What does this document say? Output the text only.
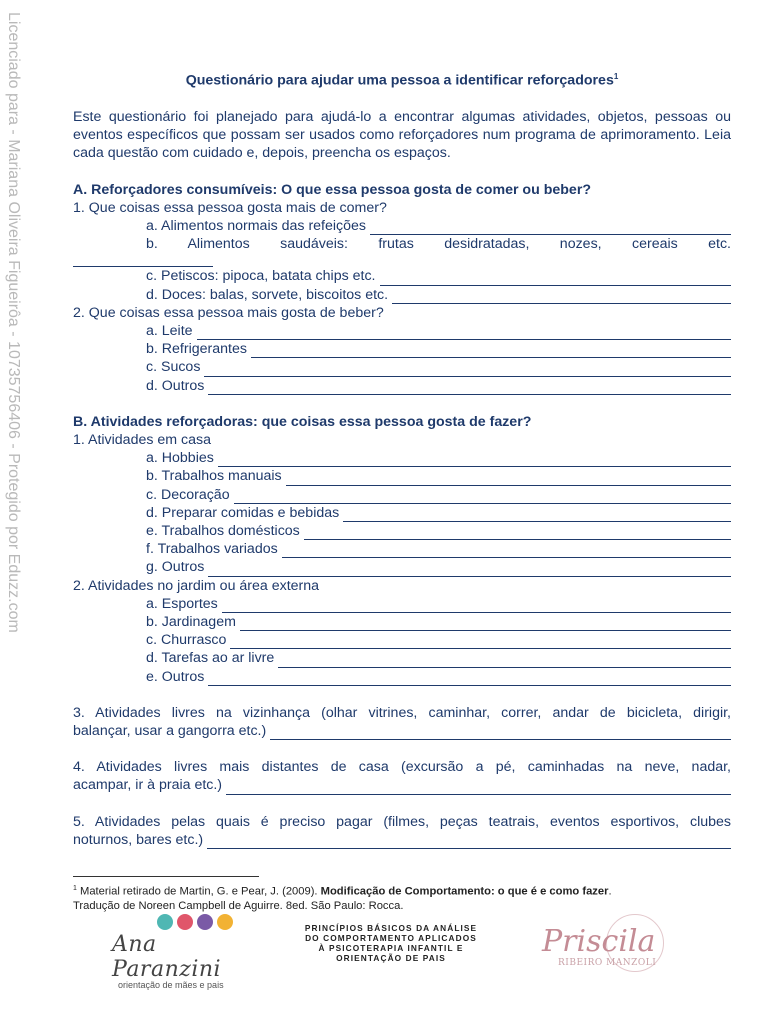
Licenciado para - Mariana Oliveira Figueirôa - 10735756406 - Protegido por Eduzz.com	Questionário para ajudar uma pessoa a identificar reforçadores$^1$

Este questionário foi planejado para ajudá-lo a encontrar algumas atividades, objetos, pessoas ou eventos específicos que possam ser usados como reforçadores num programa de aprimoramento. Leia cada questão com cuidado e, depois, preencha os espaços.

A. Reforçadores consumíveis: O que essa pessoa gosta de comer ou beber?

1. Que coisas essa pessoa gosta mais de comer?

a. Alimentos normais das refeições

b. Alimentos saudáveis: frutas desidratadas, nozes, cereais etc.

c. Petiscos: pipoca, batata chips etc.
d. Doces: balas, sorvete, biscoitos etc.

2. Que coisas essa pessoa mais gosta de beber?

a. Leite
b. Refrigerantes
c. Sucos
d. Outros

B. Atividades reforçadoras: que coisas essa pessoa gosta de fazer?

1. Atividades em casa

a. Hobbies
b. Trabalhos manuais
c. Decoração
d. Preparar comidas e bebidas
e. Trabalhos domésticos
f. Trabalhos variados
g. Outros

2. Atividades no jardim ou área externa

a. Esportes
b. Jardinagem
c. Churrasco
d. Tarefas ao ar livre
e. Outros

3. Atividades livres na vizinhança (olhar vitrines, caminhar, correr, andar de bicicleta, dirigir,

balançar, usar a gangorra etc.)

4. Atividades livres mais distantes de casa (excursão a pé, caminhadas na neve, nadar,

acampar, ir à praia etc.)

5. Atividades pelas quais é preciso pagar (filmes, peças teatrais, eventos esportivos, clubes

noturnos, bares etc.)
$^1$ Material retirado de Martin, G. e Pear, J. (2009). Modificação de Comportamento: o que é e como fazer.
Tradução de Noreen Campbell de Aguirre. 8ed. São Paulo: Rocca.
Ana Paranzini
orientação de mães e pais
PRINCÍPIOS BÁSICOS DA ANÁLISE
DO COMPORTAMENTO APLICADOS
À PSICOTERAPIA INFANTIL E
ORIENTAÇÃO DE PAIS	Priscila
RIBEIRO MANZOLI
